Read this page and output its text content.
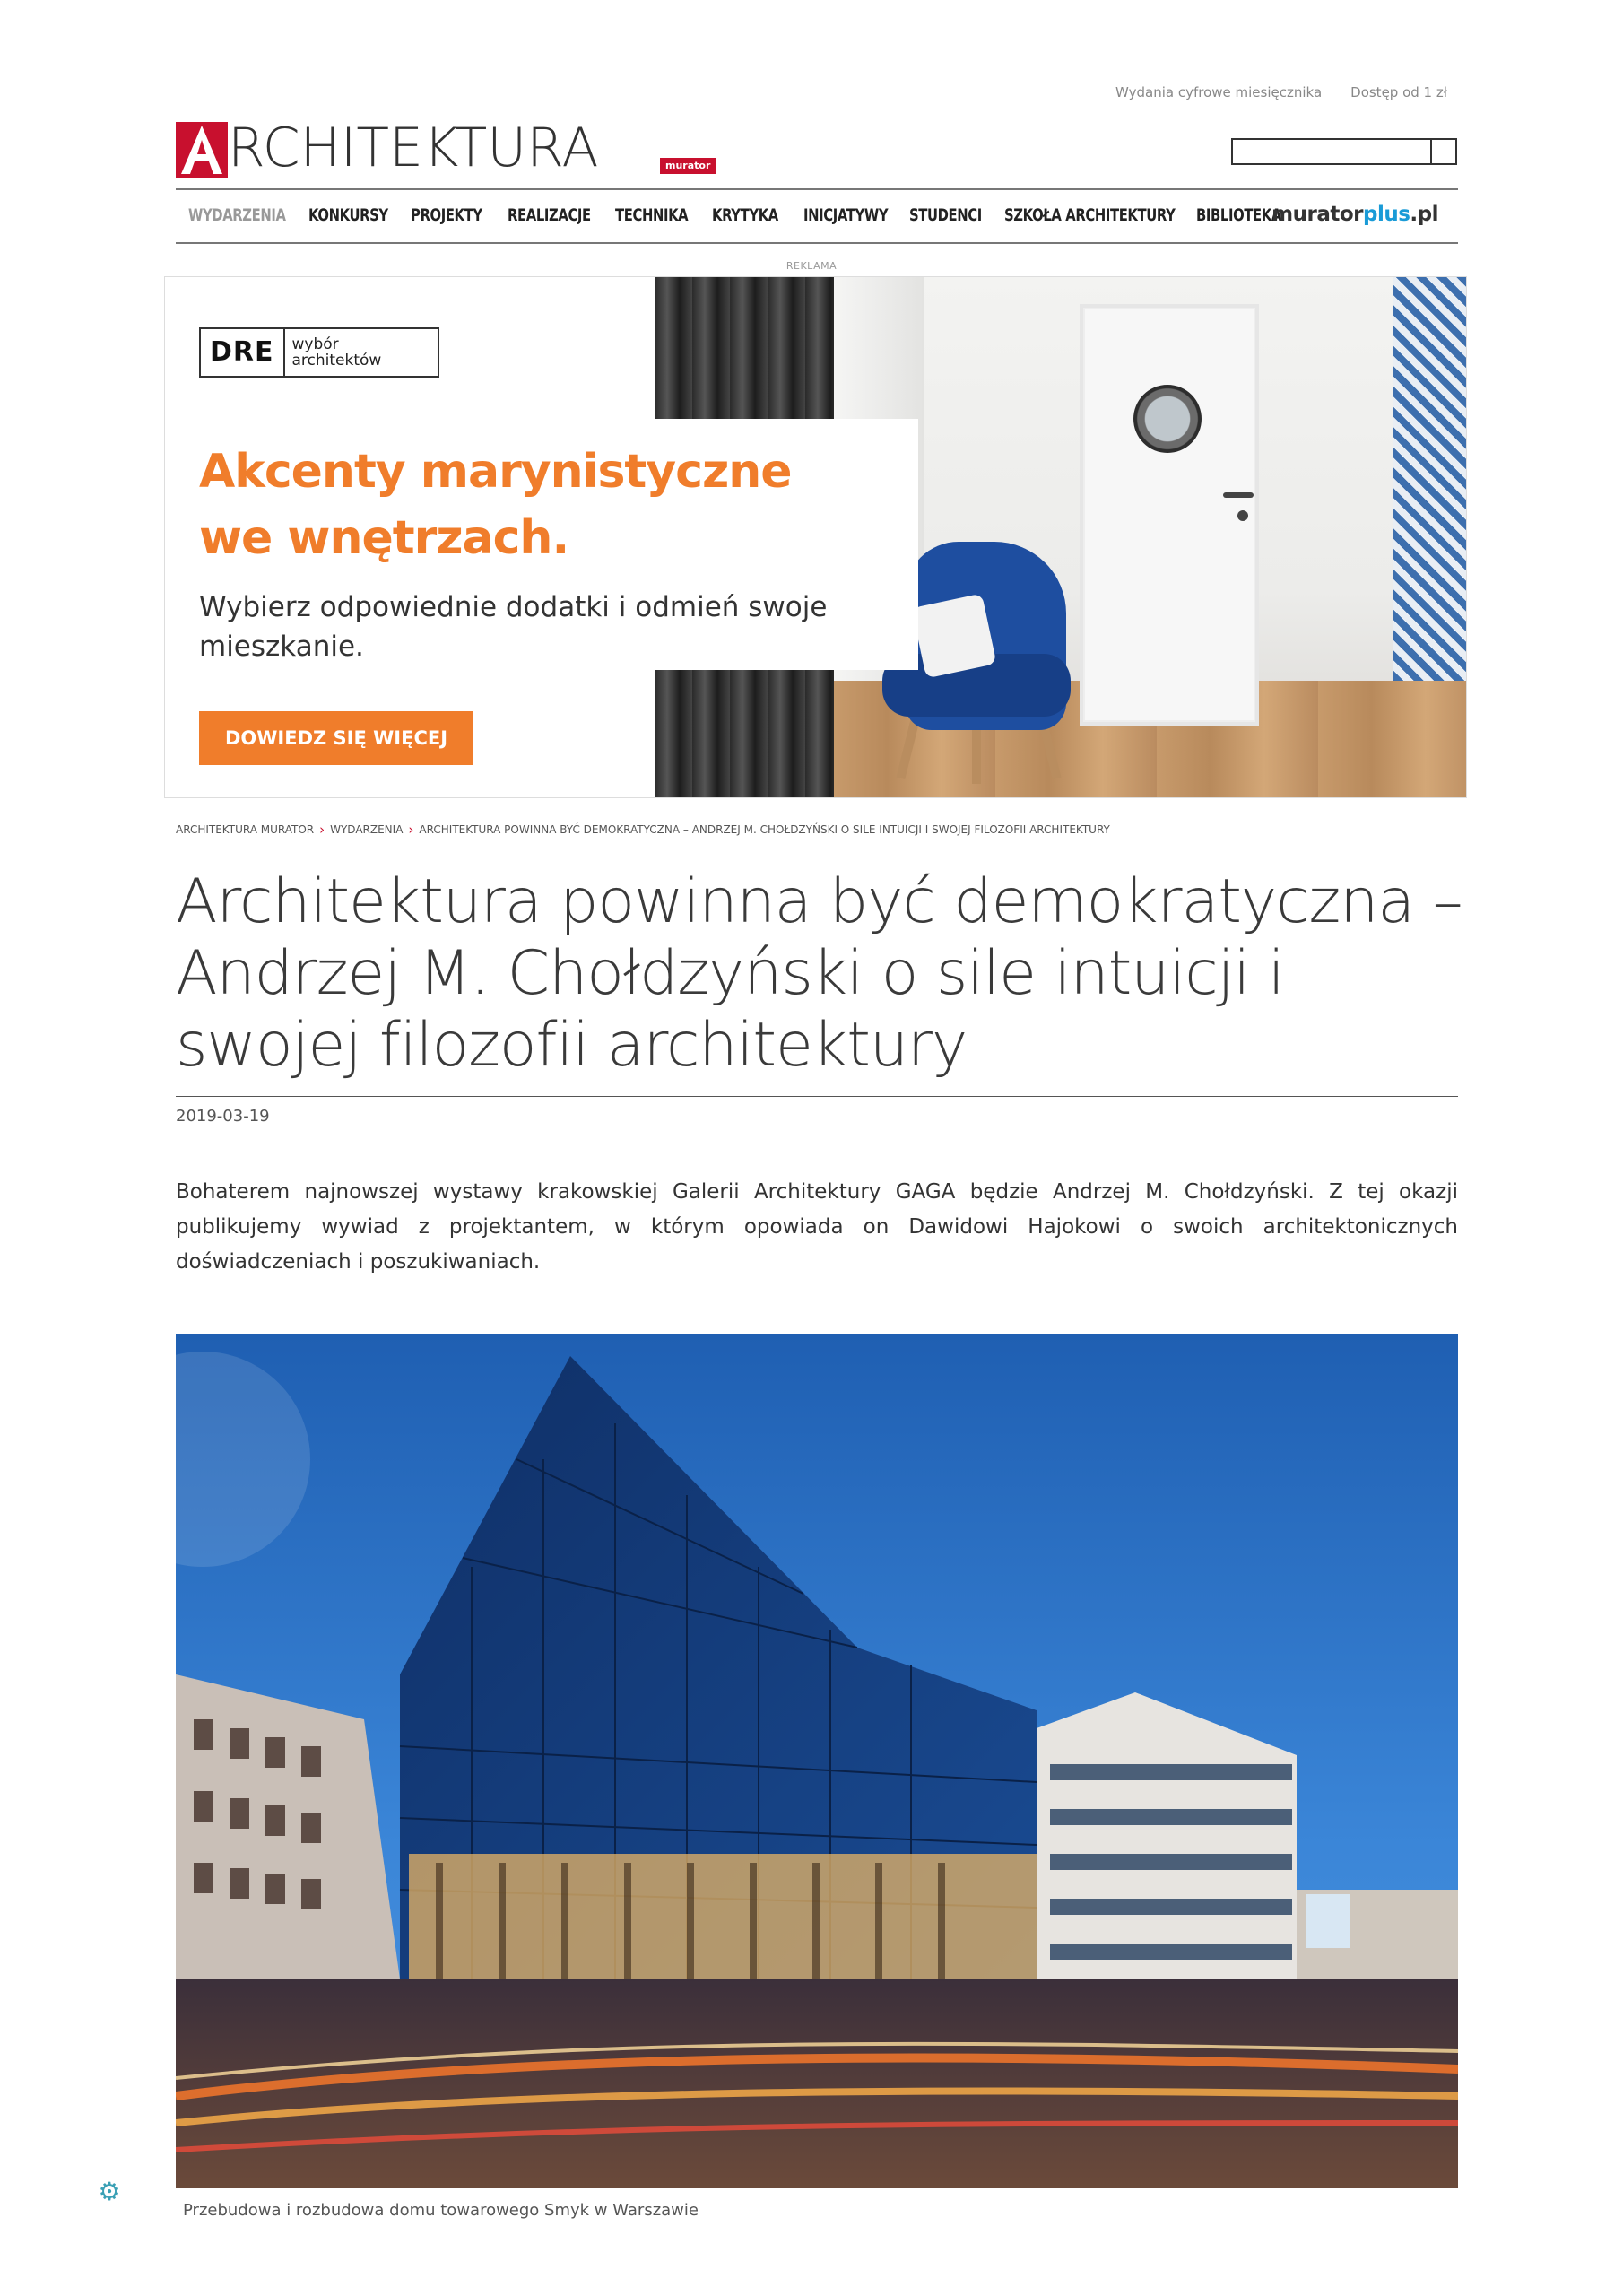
Wydania cyfrowe miesięcznika Dostęp od 1 zł
RCHITEKTURA	murator
WYDARZENIA KONKURSY PROJEKTY REALIZACJE TECHNIKA KRYTYKA INICJATYWY STUDENCI SZKOŁA ARCHITEKTURY BIBLIOTEKA
muratorplus.pl
REKLAMA
DRE	wybór
architektów
Akcenty marynistyczne
we wnętrzach.
Wybierz odpowiednie dodatki i odmień swoje mieszkanie.
DOWIEDZ SIĘ WIĘCEJ
ARCHITEKTURA MURATOR › WYDARZENIA › ARCHITEKTURA POWINNA BYĆ DEMOKRATYCZNA – ANDRZEJ M. CHOŁDZYŃSKI O SILE INTUICJI I SWOJEJ FILOZOFII ARCHITEKTURY
Architektura powinna być demokratyczna – Andrzej M. Chołdzyński o sile intuicji i swojej filozofii architektury
2019-03-19

Bohaterem najnowszej wystawy krakowskiej Galerii Architektury GAGA będzie Andrzej M. Chołdzyński. Z tej okazji publikujemy wywiad z projektantem, w którym opowiada on Dawidowi Hajokowi o swoich architektonicznych doświadczeniach i poszukiwaniach.

Przebudowa i rozbudowa domu towarowego Smyk w Warszawie
⚙
